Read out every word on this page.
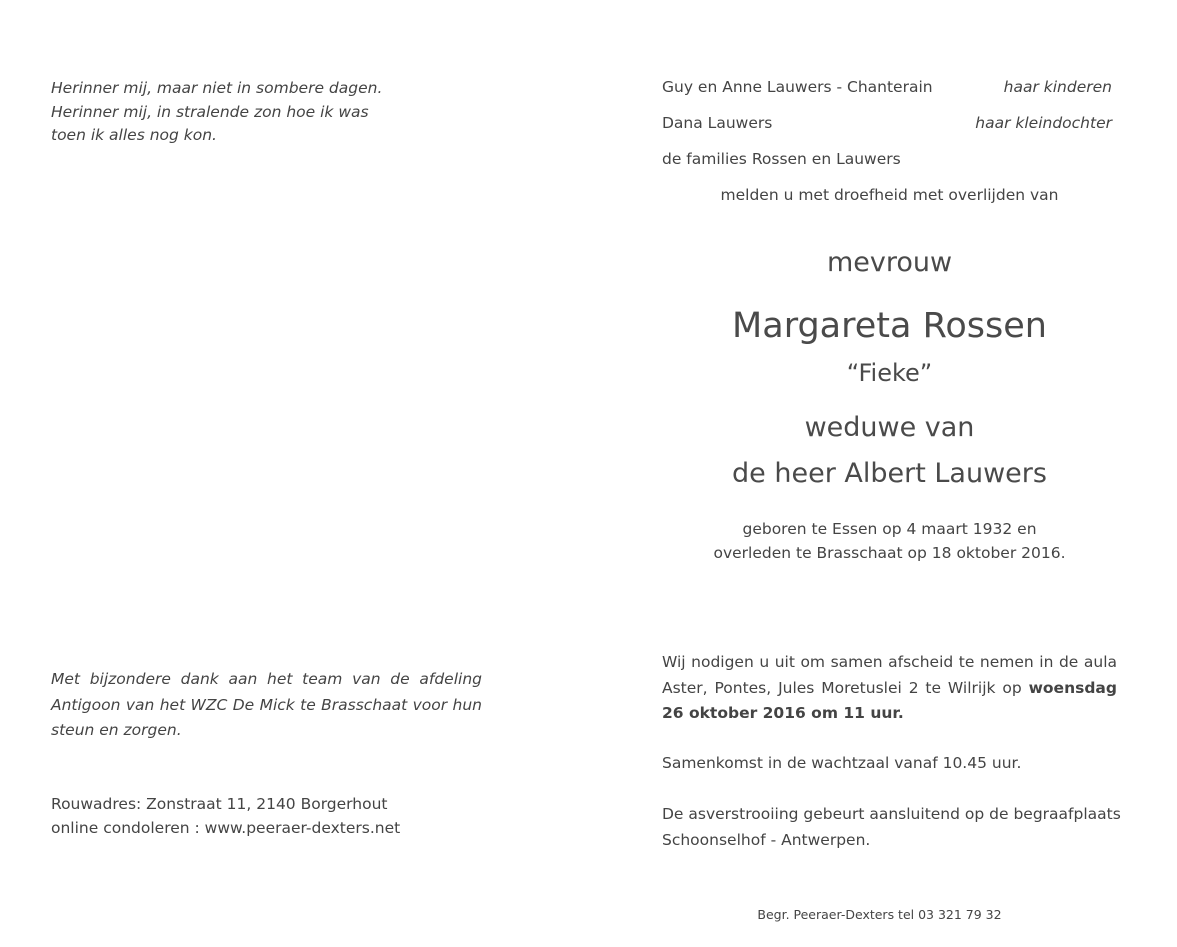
Herinner mij, maar niet in sombere dagen.
Herinner mij, in stralende zon hoe ik was
toen ik alles nog kon.
Met bijzondere dank aan het team van de afdeling Antigoon van het WZC De Mick te Brasschaat voor hun steun en zorgen.
Rouwadres: Zonstraat 11, 2140 Borgerhout
online condoleren : www.peeraer-dexters.net
Guy en Anne Lauwers - Chanterain	haar kinderen
Dana Lauwers	haar kleindochter
de families Rossen en Lauwers
melden u met droefheid met overlijden van
mevrouw
Margareta Rossen
“Fieke”
weduwe van
de heer Albert Lauwers
geboren te Essen op 4 maart 1932 en
overleden te Brasschaat op 18 oktober 2016.
Wij nodigen u uit om samen afscheid te nemen in de aula Aster, Pontes, Jules Moretuslei 2 te Wilrijk op woensdag 26 oktober 2016 om 11 uur.
Samenkomst in de wachtzaal vanaf 10.45 uur.
De asverstrooiing gebeurt aansluitend op de begraafplaats
Schoonselhof - Antwerpen.
Begr. Peeraer-Dexters tel 03 321 79 32
